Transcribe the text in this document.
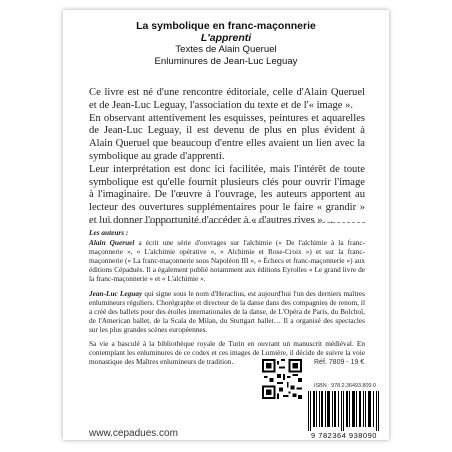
La symbolique en franc-maçonnerie
L'apprenti
Textes de Alain Queruel
Enluminures de Jean-Luc Leguay

Ce livre est né d'une rencontre éditoriale, celle d'Alain Queruel et de Jean-Luc Leguay, l'association du texte et de l'« image ».

En observant attentivement les esquisses, peintures et aquarelles de Jean-Luc Leguay, il est devenu de plus en plus évident à Alain Queruel que beaucoup d'entre elles avaient un lien avec la symbolique au grade d'apprenti.

Leur interprétation est donc ici facilitée, mais l'intérêt de toute symbolique est qu'elle fournit plusieurs clés pour ouvrir l'image à l'imaginaire. De l'œuvre à l'ouvrage, les auteurs apportent au lecteur des ouvertures supplémentaires pour le faire « grandir » et lui donner l'opportunité d'accéder à « d'autres rives »…

Les auteurs :

Alain Queruel a écrit une série d'ouvrages sur l'alchimie (« De l'alchimie à la franc-maçonnerie », « L'alchimie opérative », « Alchimie et Rose-Croix ») et sur la franc-maçonnerie (« La franc-maçonnerie sous Napoléon III », « Échecs et franc-maçonnerie ») aux éditions Cépaduès. Il a également publié notamment aux éditions Eyrolles « Le grand livre de la franc-maçonnerie » et « L'alchimie ».

Jean-Luc Leguay qui signe sous le nom d'Heraclius, est aujourd'hui l'un des derniers maîtres enlumineurs réguliers. Chorégraphe et directeur de la danse dans des compagnies de renom, il a créé des ballets pour des étoiles internationales de la danse, de L'Opéra de Paris, du Bolchoï, de l'American ballet, de la Scala de Milan, du Stuttgart ballet… Il a organisé des spectacles sur les plus grandes scènes européennes.

Sa vie a basculé à la bibliothèque royale de Turin en ouvrant un manuscrit médiéval. En contemplant les enluminures de ce codex et ces images de Lumière, il décide de suivre la voie monastique des Maîtres enlumineurs de tradition.

www.cepadues.com
Réf. 7809 - 19 €
ISBN : 978.2.36493.809.0
9 782364 938090
